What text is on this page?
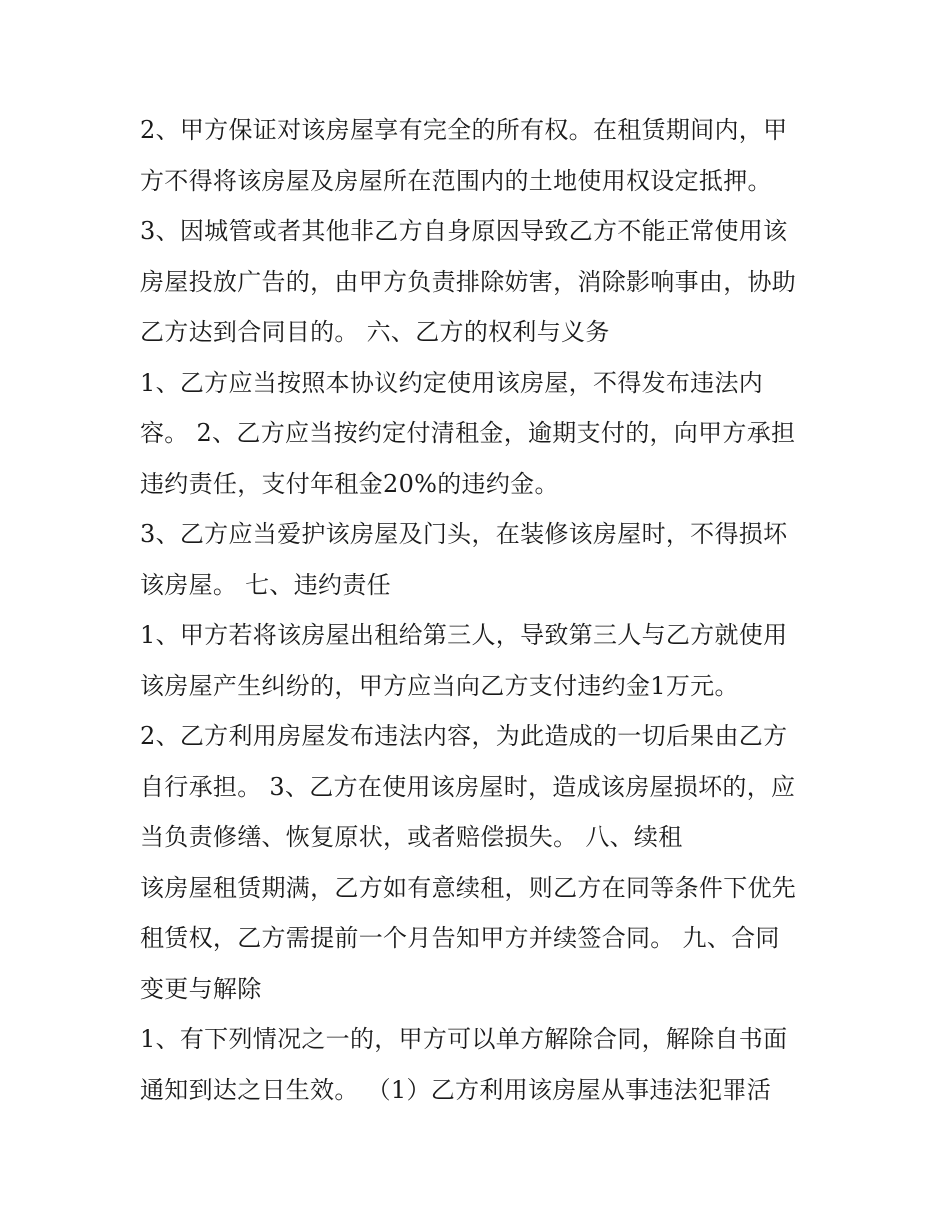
2、甲方保证对该房屋享有完全的所有权。在租赁期间内，甲
方不得将该房屋及房屋所在范围内的土地使用权设定抵押。
3、因城管或者其他非乙方自身原因导致乙方不能正常使用该
房屋投放广告的，由甲方负责排除妨害，消除影响事由，协助
乙方达到合同目的。 六、乙方的权利与义务
1、乙方应当按照本协议约定使用该房屋，不得发布违法内
容。 2、乙方应当按约定付清租金，逾期支付的，向甲方承担
违约责任，支付年租金20%的违约金。
3、乙方应当爱护该房屋及门头，在装修该房屋时，不得损坏
该房屋。 七、违约责任
1、甲方若将该房屋出租给第三人，导致第三人与乙方就使用
该房屋产生纠纷的，甲方应当向乙方支付违约金1万元。
2、乙方利用房屋发布违法内容，为此造成的一切后果由乙方
自行承担。 3、乙方在使用该房屋时，造成该房屋损坏的，应
当负责修缮、恢复原状，或者赔偿损失。 八、续租
该房屋租赁期满，乙方如有意续租，则乙方在同等条件下优先
租赁权，乙方需提前一个月告知甲方并续签合同。 九、合同
变更与解除
1、有下列情况之一的，甲方可以单方解除合同，解除自书面
通知到达之日生效。 （1）乙方利用该房屋从事违法犯罪活
